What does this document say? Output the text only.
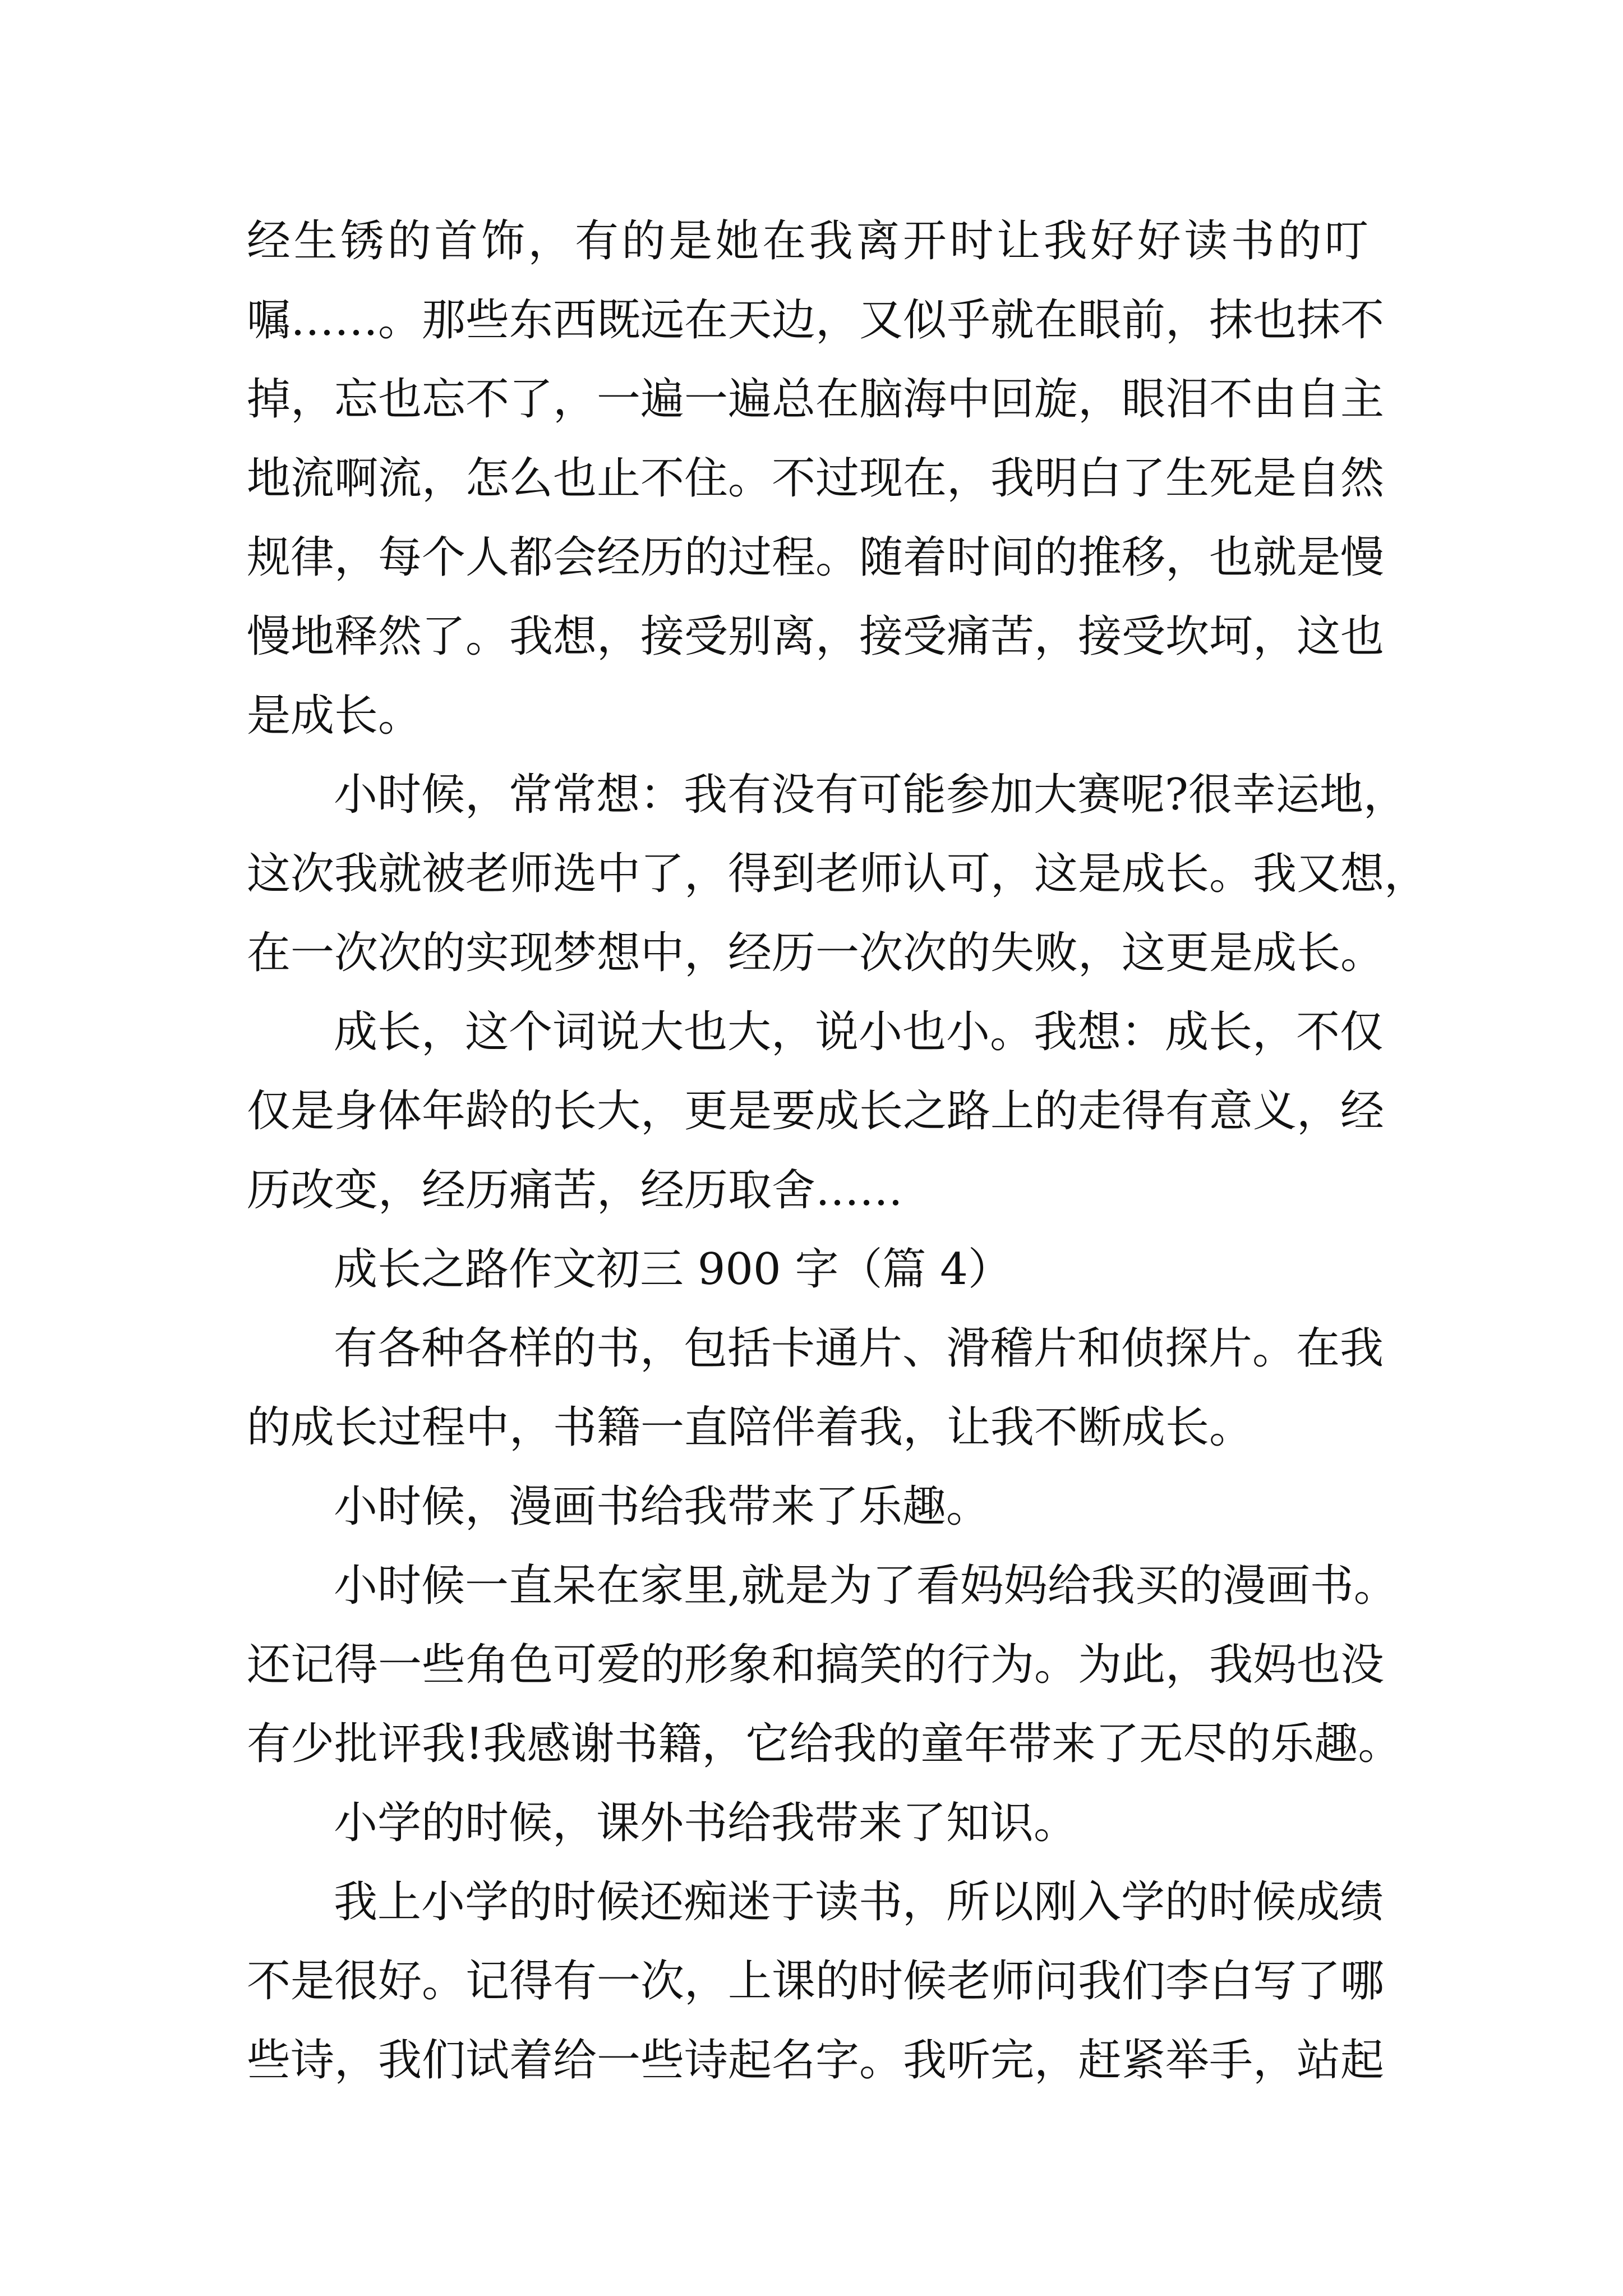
经生锈的首饰，有的是她在我离开时让我好好读书的叮
嘱……。那些东西既远在天边，又似乎就在眼前，抹也抹不
掉，忘也忘不了，一遍一遍总在脑海中回旋，眼泪不由自主
地流啊流，怎么也止不住。不过现在，我明白了生死是自然
规律，每个人都会经历的过程。随着时间的推移，也就是慢
慢地释然了。我想，接受别离，接受痛苦，接受坎坷，这也
是成长。
小时候，常常想：我有没有可能参加大赛呢?很幸运地，
这次我就被老师选中了，得到老师认可，这是成长。我又想，
在一次次的实现梦想中，经历一次次的失败，这更是成长。
成长，这个词说大也大，说小也小。我想：成长，不仅
仅是身体年龄的长大，更是要成长之路上的走得有意义，经
历改变，经历痛苦，经历取舍……
成长之路作文初三 900 字（篇 4）
有各种各样的书，包括卡通片、滑稽片和侦探片。在我
的成长过程中，书籍一直陪伴着我，让我不断成长。
小时候，漫画书给我带来了乐趣。
小时候一直呆在家里,就是为了看妈妈给我买的漫画书。
还记得一些角色可爱的形象和搞笑的行为。为此，我妈也没
有少批评我!我感谢书籍，它给我的童年带来了无尽的乐趣。
小学的时候，课外书给我带来了知识。
我上小学的时候还痴迷于读书，所以刚入学的时候成绩
不是很好。记得有一次，上课的时候老师问我们李白写了哪
些诗，我们试着给一些诗起名字。我听完，赶紧举手，站起
